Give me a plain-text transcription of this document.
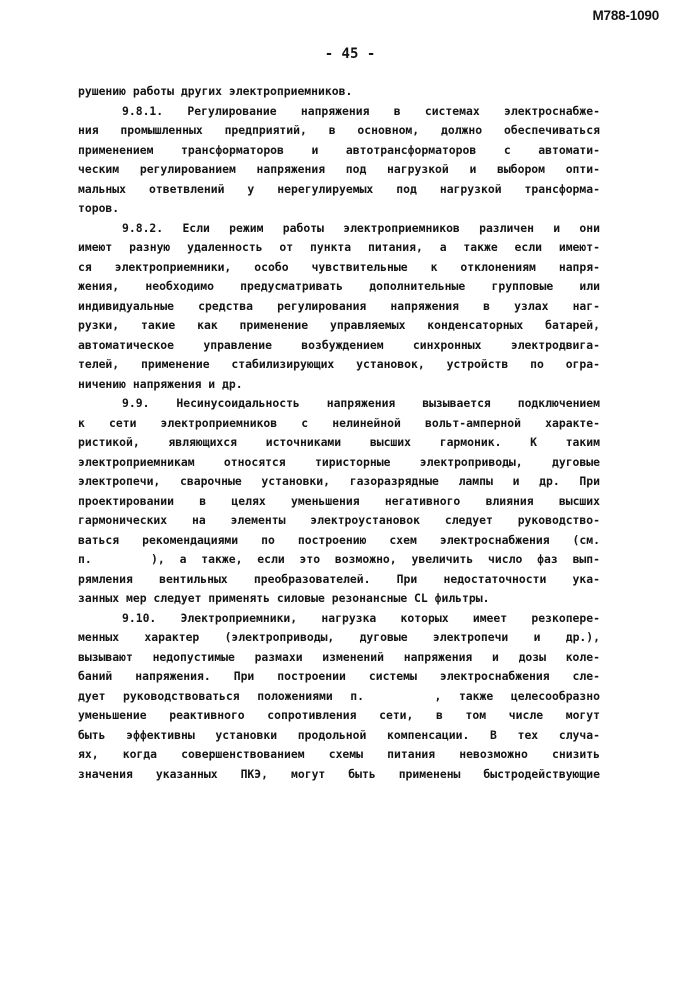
М788-1090
- 45 -
рушению работы других электроприемников.
9.8.1. Регулирование напряжения в системах электроснабже-
ния промышленных предприятий, в основном, должно обеспечиваться
применением трансформаторов и автотрансформаторов с автомати-
ческим регулированием напряжения под нагрузкой и выбором опти-
мальных ответвлений у нерегулируемых под нагрузкой трансформа-
торов.
9.8.2. Если режим работы электроприемников различен и они
имеют разную удаленность от пункта питания, а также если имеют-
ся электроприемники, особо чувствительные к отклонениям напря-
жения, необходимо предусматривать дополнительные групповые или
индивидуальные средства регулирования напряжения в узлах наг-
рузки, такие как применение управляемых конденсаторных батарей,
автоматическое управление возбуждением синхронных электродвига-
телей, применение стабилизирующих установок, устройств по огра-
ничению напряжения и др.
9.9. Несинусоидальность напряжения вызывается подключением
к сети электроприемников с нелинейной вольт-амперной характе-
ристикой, являющихся источниками высших гармоник. К таким
электроприемникам относятся тиристорные электроприводы, дуговые
электропечи, сварочные установки, газоразрядные лампы и др. При
проектировании в целях уменьшения негативного влияния высших
гармонических на элементы электроустановок следует руководство-
ваться рекомендациями по построению схем электроснабжения (см.
п.    ), а также, если это возможно, увеличить число фаз вып-
рямления вентильных преобразователей. При недостаточности ука-
занных мер следует применять силовые резонансные CL фильтры.
9.10. Электроприемники, нагрузка которых имеет резкопере-
менных характер (электроприводы, дуговые электропечи и др.),
вызывают недопустимые размахи изменений напряжения и дозы коле-
баний напряжения. При построении системы электроснабжения сле-
дует руководствоваться положениями п.    , также целесообразно
уменьшение реактивного сопротивления сети, в том числе могут
быть эффективны установки продольной компенсации. В тех случа-
ях, когда совершенствованием схемы питания невозможно снизить
значения указанных ПКЭ, могут быть применены быстродействующие
